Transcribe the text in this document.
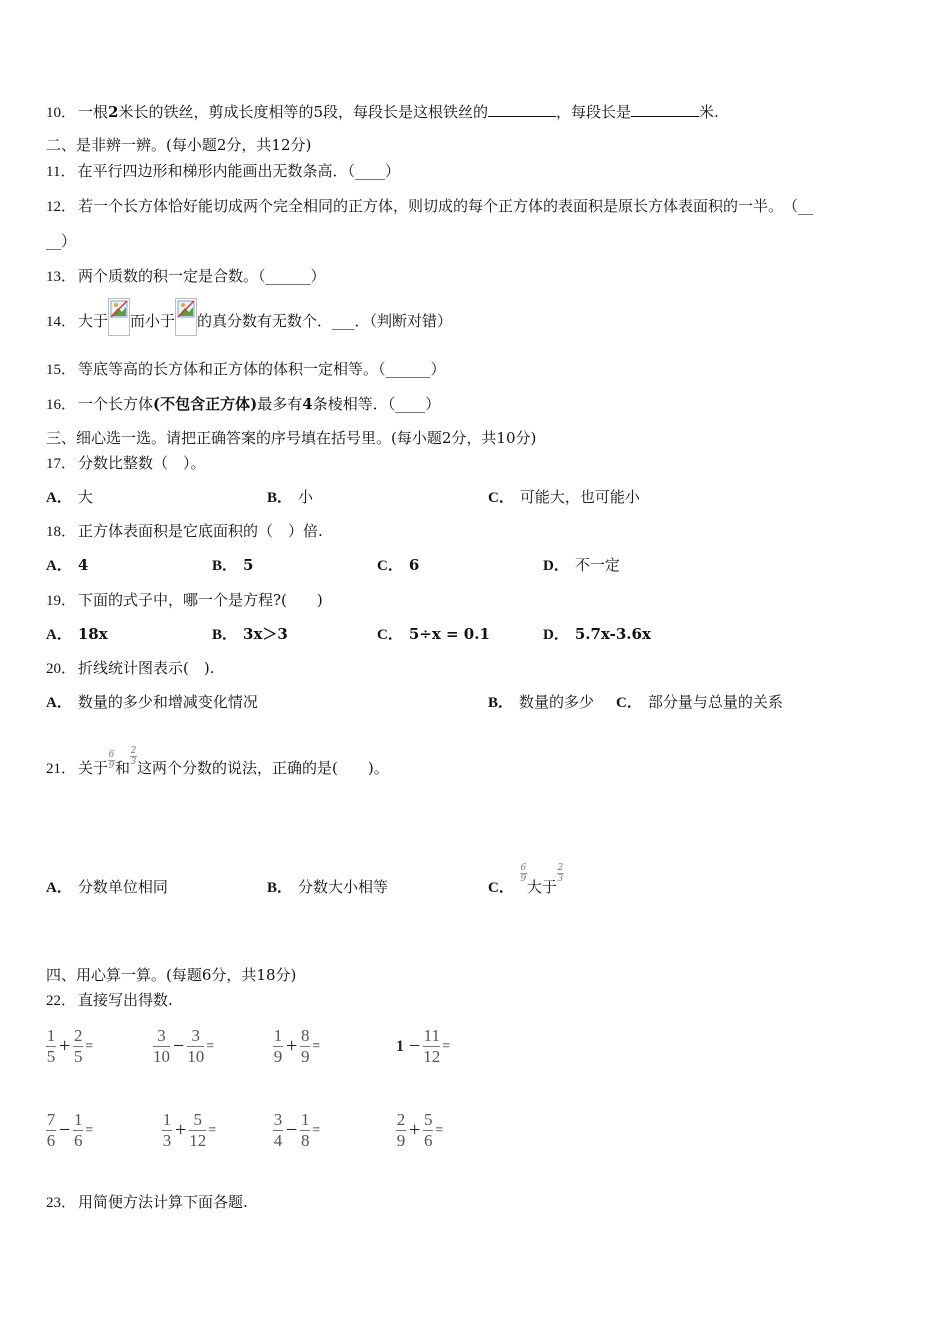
10． 一根2米长的铁丝，剪成长度相等的5段，每段长是这根铁丝的	，每段长是	米.
二、是非辨一辨。(每小题2分，共12分)
11． 在平行四边形和梯形内能画出无数条高．（____）
12． 若一个长方体恰好能切成两个完全相同的正方体，则切成的每个正方体的表面积是原长方体表面积的一半。　（__
__）
13． 两个质数的积一定是合数。（______）
14． 大于 而小于 的真分数有无数个．___．（判断对错）
15． 等底等高的长方体和正方体的体积一定相等。（______）
16． 一个长方体(不包含正方体)最多有4条棱相等．（____）
三、细心选一选。请把正确答案的序号填在括号里。(每小题2分，共10分)
17． 分数比整数（　）。
A． 大	B． 小	C． 可能大，也可能小
18． 正方体表面积是它底面积的（　）倍.
A． 4	B． 5	C． 6	D． 不一定
19． 下面的式子中，哪一个是方程?(　　)
A． 18x	B． 3x＞3	C． 5÷x = 0.1	D． 5.7x-3.6x
20． 折线统计图表示(　).
A． 数量的多少和增减变化情况	B． 数量的多少 C． 部分量与总量的关系
21． 关于 $\frac{6}{9}$ 和
$\frac{2}{3}$
这两个分数的说法，正确的是(　　)。
A． 分数单位相同	B． 分数大小相等	C．
$\frac{6}{9}$
大于
$\frac{2}{3}$
四、用心算一算。(每题6分，共18分)
22． 直接写出得数.
$\frac{1}{5} + \frac{2}{5}$ =	$\frac{3}{10} - \frac{3}{10}$ =	$\frac{1}{9} + \frac{8}{9}$ =	$1 - \frac{11}{12}$ =
$\frac{7}{6} - \frac{1}{6}$ =	$\frac{1}{3} + \frac{5}{12}$ =	$\frac{3}{4} - \frac{1}{8}$ =	$\frac{2}{9} + \frac{5}{6}$ =
23． 用简便方法计算下面各题.
